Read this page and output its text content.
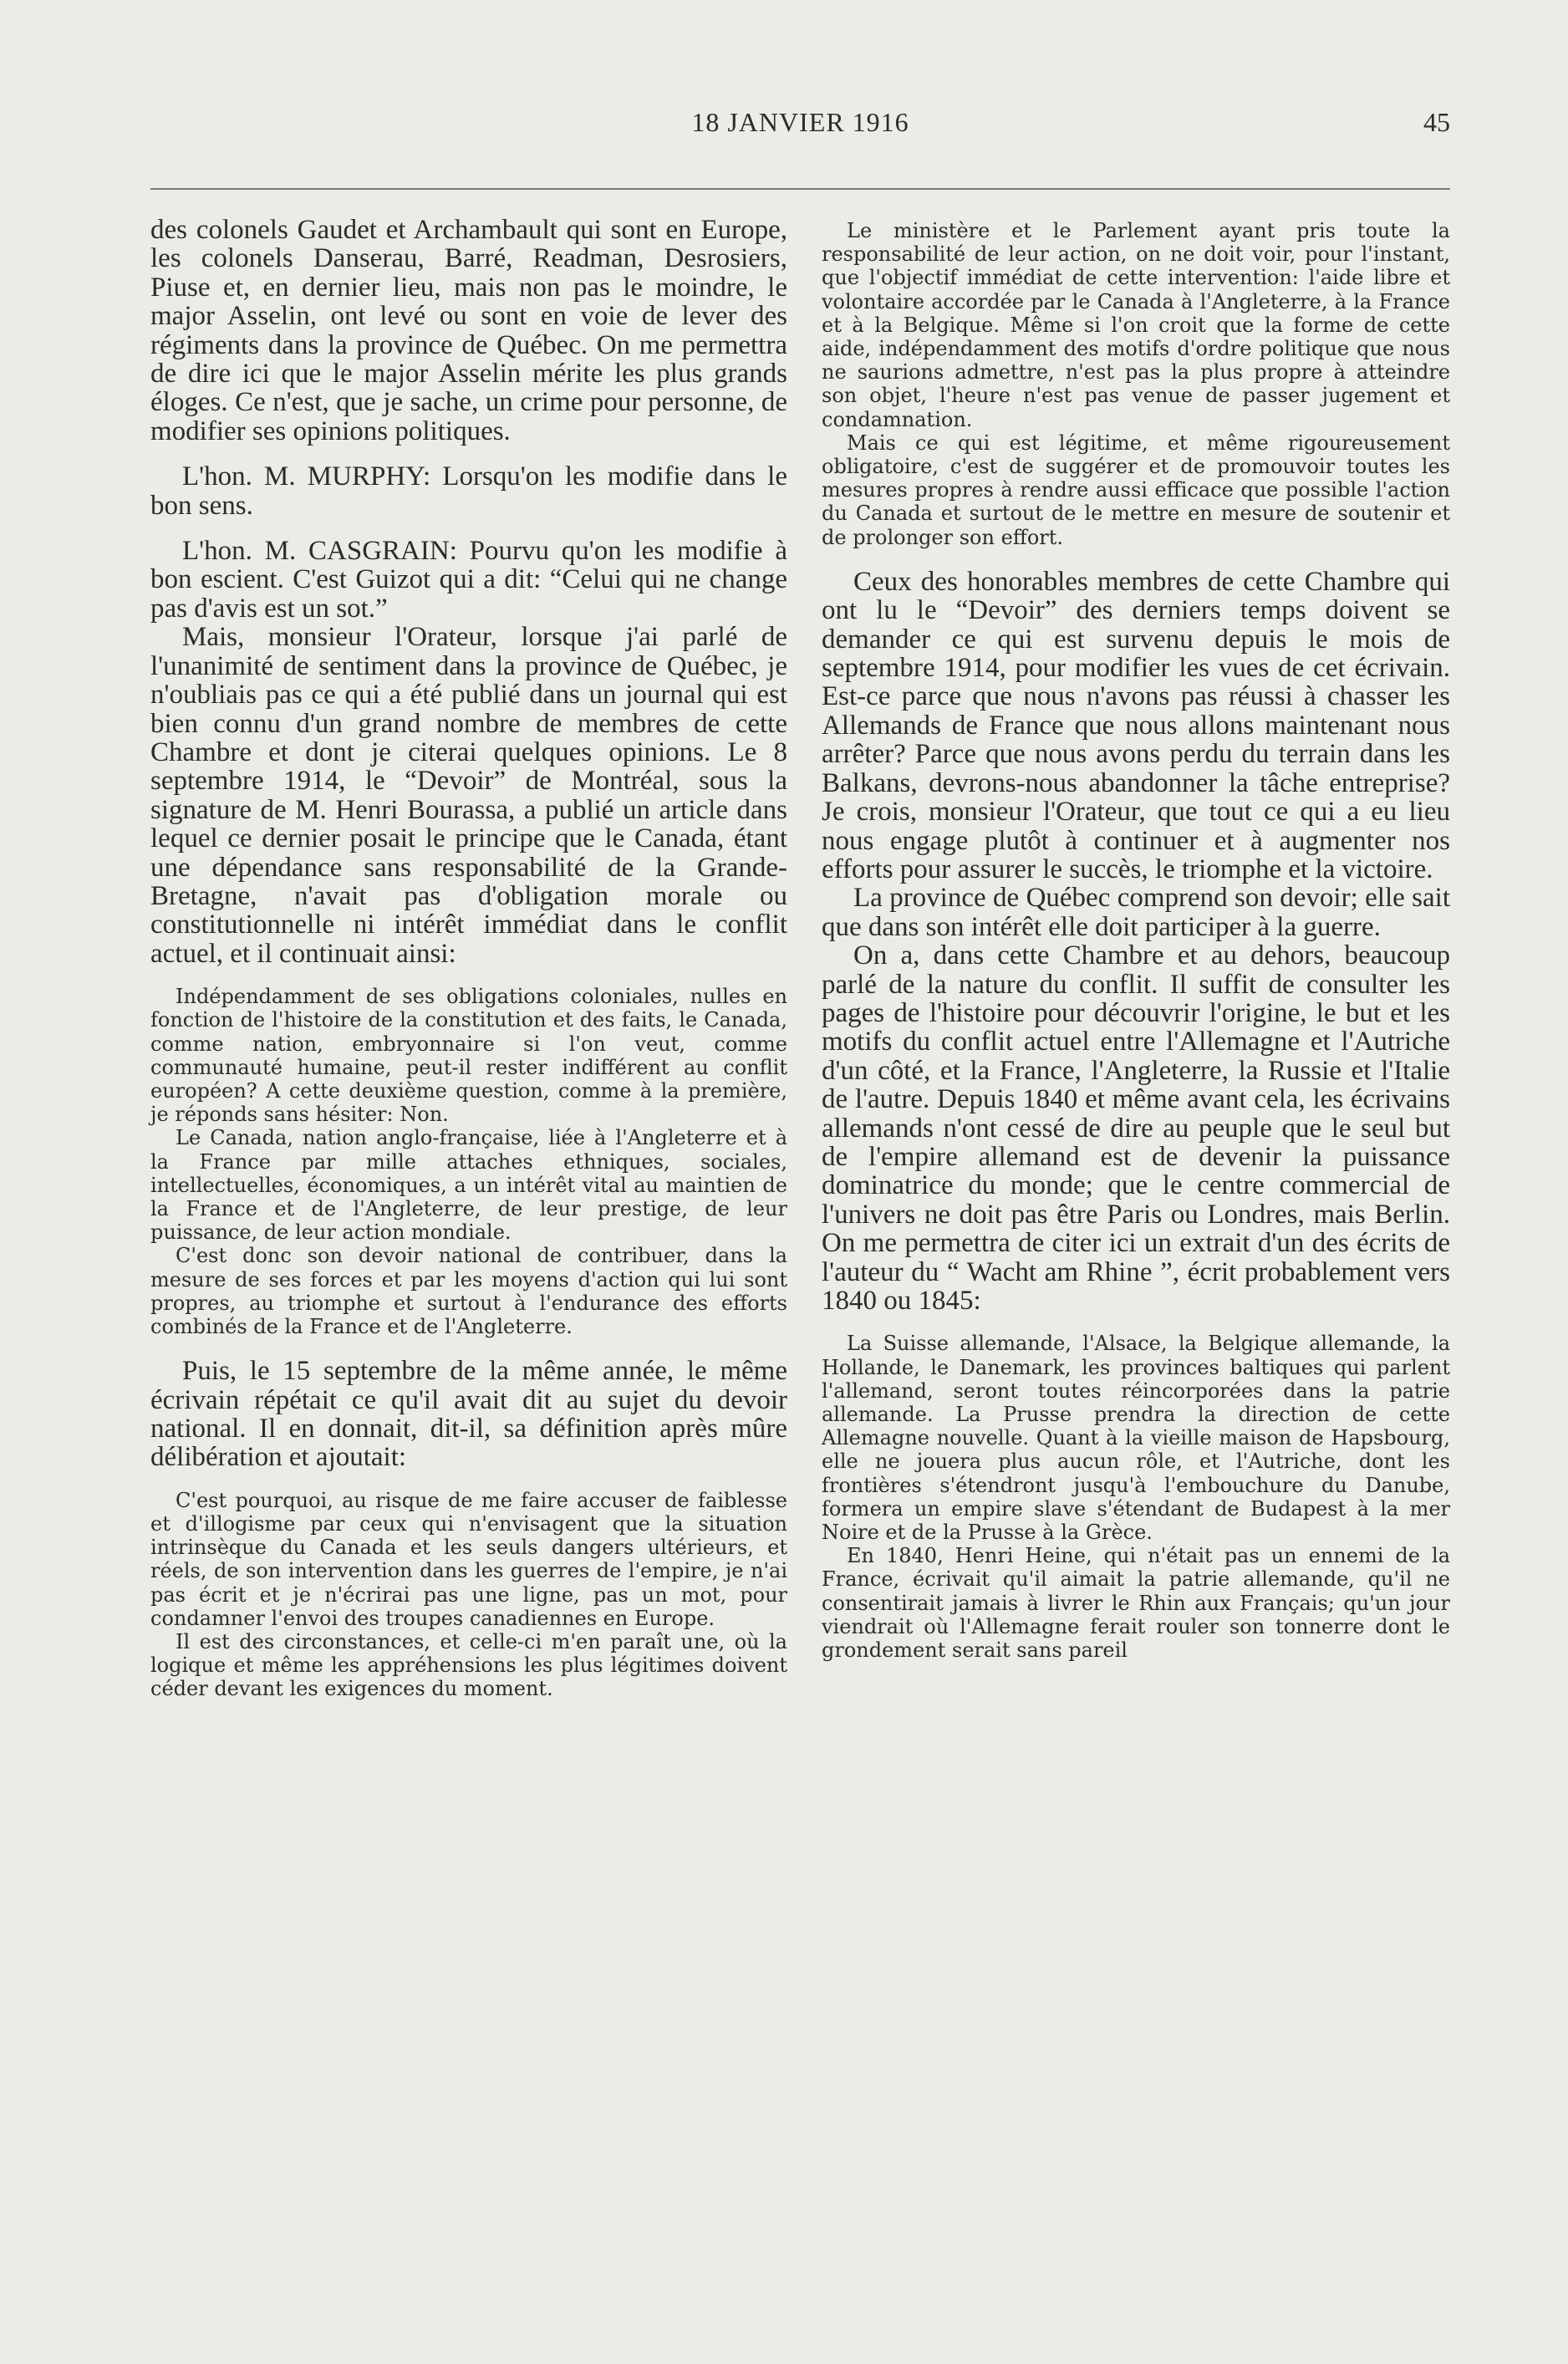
18 JANVIER 1916	45

des colonels Gaudet et Archambault qui sont en Europe, les colonels Danserau, Barré, Readman, Desrosiers, Piuse et, en dernier lieu, mais non pas le moindre, le major Asselin, ont levé ou sont en voie de lever des régiments dans la province de Québec. On me permettra de dire ici que le major Asselin mérite les plus grands éloges. Ce n'est, que je sache, un crime pour personne, de modifier ses opinions politiques.

L'hon. M. MURPHY: Lorsqu'on les modifie dans le bon sens.

L'hon. M. CASGRAIN: Pourvu qu'on les modifie à bon escient. C'est Guizot qui a dit: “Celui qui ne change pas d'avis est un sot.”

Mais, monsieur l'Orateur, lorsque j'ai parlé de l'unanimité de sentiment dans la province de Québec, je n'oubliais pas ce qui a été publié dans un journal qui est bien connu d'un grand nombre de membres de cette Chambre et dont je citerai quelques opinions. Le 8 septembre 1914, le “Devoir” de Montréal, sous la signature de M. Henri Bourassa, a publié un article dans lequel ce dernier posait le principe que le Canada, étant une dépendance sans responsabilité de la Grande-Bretagne, n'avait pas d'obligation morale ou constitutionnelle ni intérêt immédiat dans le conflit actuel, et il continuait ainsi:

Indépendamment de ses obligations coloniales, nulles en fonction de l'histoire de la constitution et des faits, le Canada, comme nation, embryonnaire si l'on veut, comme communauté humaine, peut-il rester indifférent au conflit européen? A cette deuxième question, comme à la première, je réponds sans hésiter: Non.

Le Canada, nation anglo-française, liée à l'Angleterre et à la France par mille attaches ethniques, sociales, intellectuelles, économiques, a un intérêt vital au maintien de la France et de l'Angleterre, de leur prestige, de leur puissance, de leur action mondiale.

C'est donc son devoir national de contribuer, dans la mesure de ses forces et par les moyens d'action qui lui sont propres, au triomphe et surtout à l'endurance des efforts combinés de la France et de l'Angleterre.

Puis, le 15 septembre de la même année, le même écrivain répétait ce qu'il avait dit au sujet du devoir national. Il en donnait, dit-il, sa définition après mûre délibération et ajoutait:

C'est pourquoi, au risque de me faire accuser de faiblesse et d'illogisme par ceux qui n'envisagent que la situation intrinsèque du Canada et les seuls dangers ultérieurs, et réels, de son intervention dans les guerres de l'empire, je n'ai pas écrit et je n'écrirai pas une ligne, pas un mot, pour condamner l'envoi des troupes canadiennes en Europe.

Il est des circonstances, et celle-ci m'en paraît une, où la logique et même les appréhensions les plus légitimes doivent céder devant les exigences du moment.

Le ministère et le Parlement ayant pris toute la responsabilité de leur action, on ne doit voir, pour l'instant, que l'objectif immédiat de cette intervention: l'aide libre et volontaire accordée par le Canada à l'Angleterre, à la France et à la Belgique. Même si l'on croit que la forme de cette aide, indépendamment des motifs d'ordre politique que nous ne saurions admettre, n'est pas la plus propre à atteindre son objet, l'heure n'est pas venue de passer jugement et condamnation.

Mais ce qui est légitime, et même rigoureusement obligatoire, c'est de suggérer et de promouvoir toutes les mesures propres à rendre aussi efficace que possible l'action du Canada et surtout de le mettre en mesure de soutenir et de prolonger son effort.

Ceux des honorables membres de cette Chambre qui ont lu le “Devoir” des derniers temps doivent se demander ce qui est survenu depuis le mois de septembre 1914, pour modifier les vues de cet écrivain. Est-ce parce que nous n'avons pas réussi à chasser les Allemands de France que nous allons maintenant nous arrêter? Parce que nous avons perdu du terrain dans les Balkans, devrons-nous abandonner la tâche entreprise? Je crois, monsieur l'Orateur, que tout ce qui a eu lieu nous engage plutôt à continuer et à augmenter nos efforts pour assurer le succès, le triomphe et la victoire.

La province de Québec comprend son devoir; elle sait que dans son intérêt elle doit participer à la guerre.

On a, dans cette Chambre et au dehors, beaucoup parlé de la nature du conflit. Il suffit de consulter les pages de l'histoire pour découvrir l'origine, le but et les motifs du conflit actuel entre l'Allemagne et l'Autriche d'un côté, et la France, l'Angleterre, la Russie et l'Italie de l'autre. Depuis 1840 et même avant cela, les écrivains allemands n'ont cessé de dire au peuple que le seul but de l'empire allemand est de devenir la puissance dominatrice du monde; que le centre commercial de l'univers ne doit pas être Paris ou Londres, mais Berlin. On me permettra de citer ici un extrait d'un des écrits de l'auteur du “ Wacht am Rhine ”, écrit probablement vers 1840 ou 1845:

La Suisse allemande, l'Alsace, la Belgique allemande, la Hollande, le Danemark, les provinces baltiques qui parlent l'allemand, seront toutes réincorporées dans la patrie allemande. La Prusse prendra la direction de cette Allemagne nouvelle. Quant à la vieille maison de Hapsbourg, elle ne jouera plus aucun rôle, et l'Autriche, dont les frontières s'étendront jusqu'à l'embouchure du Danube, formera un empire slave s'étendant de Budapest à la mer Noire et de la Prusse à la Grèce.

En 1840, Henri Heine, qui n'était pas un ennemi de la France, écrivait qu'il aimait la patrie allemande, qu'il ne consentirait jamais à livrer le Rhin aux Français; qu'un jour viendrait où l'Allemagne ferait rouler son tonnerre dont le grondement serait sans pareil
